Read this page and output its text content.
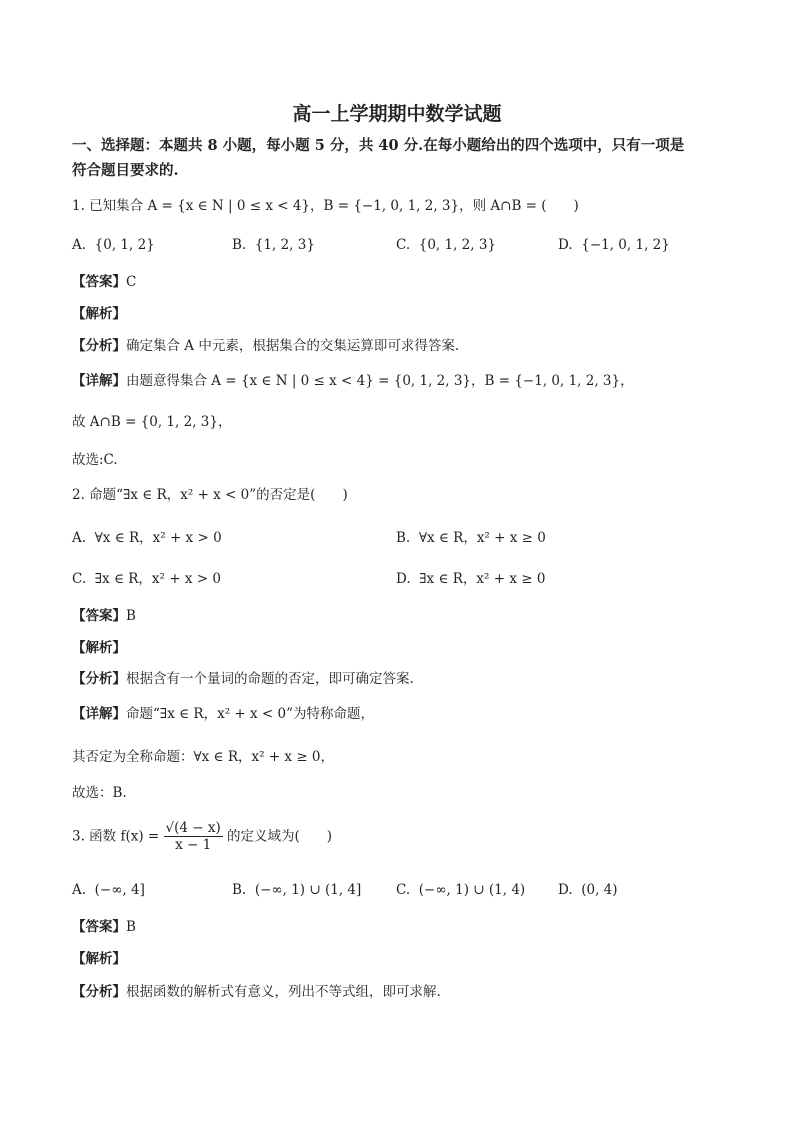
高一上学期期中数学试题
一、选择题：本题共 8 小题，每小题 5 分，共 40 分.在每小题给出的四个选项中，只有一项是
符合题目要求的.
1. 已知集合 A = {x ∈ N | 0 ≤ x < 4}，B = {−1, 0, 1, 2, 3}，则 A∩B = (　　)
A. {0, 1, 2}	B. {1, 2, 3}	C. {0, 1, 2, 3}	D. {−1, 0, 1, 2}
【答案】C
【解析】
【分析】确定集合 A 中元素，根据集合的交集运算即可求得答案.
【详解】由题意得集合 A = {x ∈ N | 0 ≤ x < 4} = {0, 1, 2, 3}，B = {−1, 0, 1, 2, 3}，
故 A∩B = {0, 1, 2, 3}，
故选:C.
2. 命题“∃x ∈ R，x² + x < 0”的否定是(　　)
A. ∀x ∈ R，x² + x > 0	B. ∀x ∈ R，x² + x ≥ 0
C. ∃x ∈ R，x² + x > 0	D. ∃x ∈ R，x² + x ≥ 0
【答案】B
【解析】
【分析】根据含有一个量词的命题的否定，即可确定答案.
【详解】命题“∃x ∈ R，x² + x < 0”为特称命题，
其否定为全称命题：∀x ∈ R，x² + x ≥ 0，
故选：B.
3. 函数 $f(x) = \frac{√(4 - x)}{x - 1}$ 的定义域为(　　)
A. (−∞, 4]	B. (−∞, 1) ∪ (1, 4]	C. (−∞, 1) ∪ (1, 4) D. (0, 4)
【答案】B
【解析】
【分析】根据函数的解析式有意义，列出不等式组，即可求解.
